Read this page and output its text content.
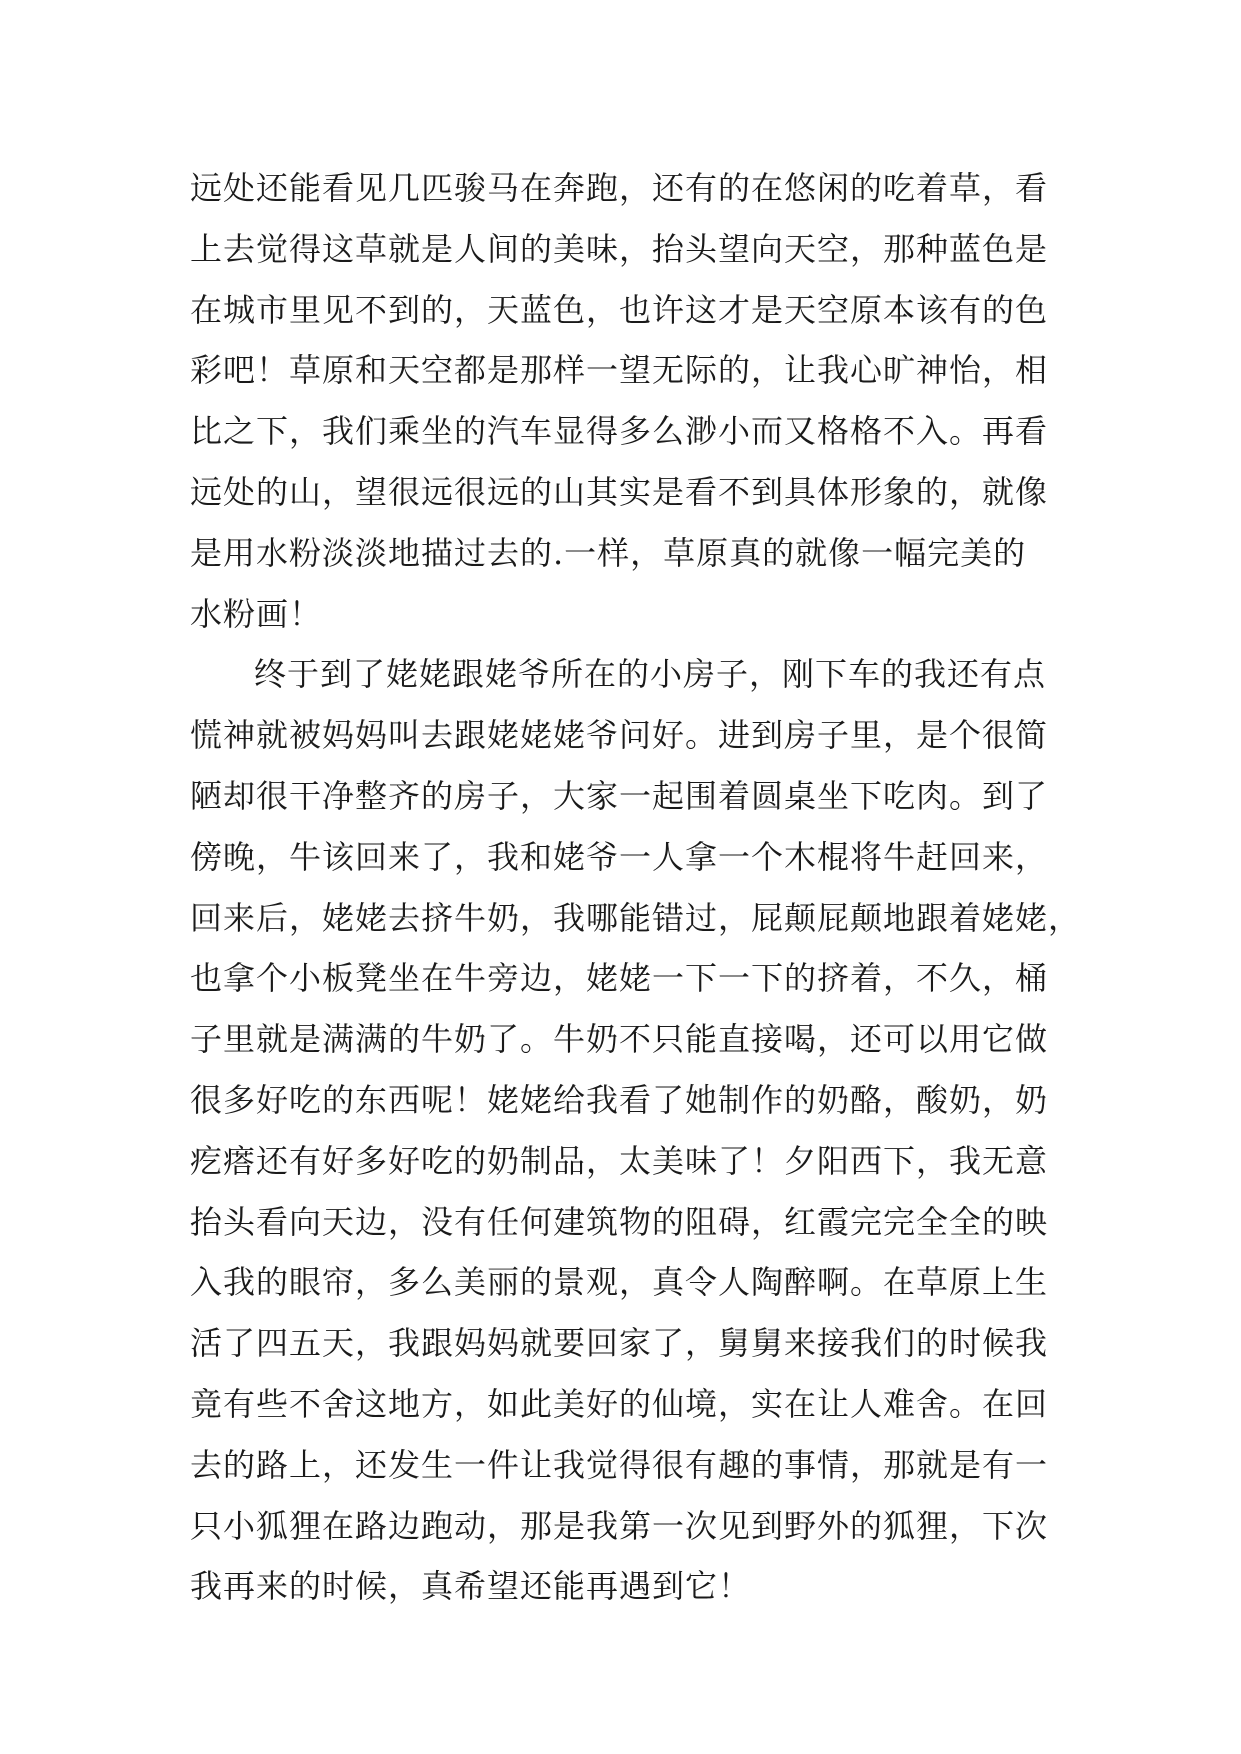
远处还能看见几匹骏马在奔跑，还有的在悠闲的吃着草，看
上去觉得这草就是人间的美味，抬头望向天空，那种蓝色是
在城市里见不到的，天蓝色，也许这才是天空原本该有的色
彩吧！草原和天空都是那样一望无际的，让我心旷神怡，相
比之下，我们乘坐的汽车显得多么渺小而又格格不入。再看
远处的山，望很远很远的山其实是看不到具体形象的，就像
是用水粉淡淡地描过去的.一样，草原真的就像一幅完美的
水粉画！
终于到了姥姥跟姥爷所在的小房子，刚下车的我还有点
慌神就被妈妈叫去跟姥姥姥爷问好。进到房子里，是个很简
陋却很干净整齐的房子，大家一起围着圆桌坐下吃肉。到了
傍晚，牛该回来了，我和姥爷一人拿一个木棍将牛赶回来，
回来后，姥姥去挤牛奶，我哪能错过，屁颠屁颠地跟着姥姥，
也拿个小板凳坐在牛旁边，姥姥一下一下的挤着，不久，桶
子里就是满满的牛奶了。牛奶不只能直接喝，还可以用它做
很多好吃的东西呢！姥姥给我看了她制作的奶酪，酸奶，奶
疙瘩还有好多好吃的奶制品，太美味了！夕阳西下，我无意
抬头看向天边，没有任何建筑物的阻碍，红霞完完全全的映
入我的眼帘，多么美丽的景观，真令人陶醉啊。在草原上生
活了四五天，我跟妈妈就要回家了，舅舅来接我们的时候我
竟有些不舍这地方，如此美好的仙境，实在让人难舍。在回
去的路上，还发生一件让我觉得很有趣的事情，那就是有一
只小狐狸在路边跑动，那是我第一次见到野外的狐狸，下次
我再来的时候，真希望还能再遇到它！
